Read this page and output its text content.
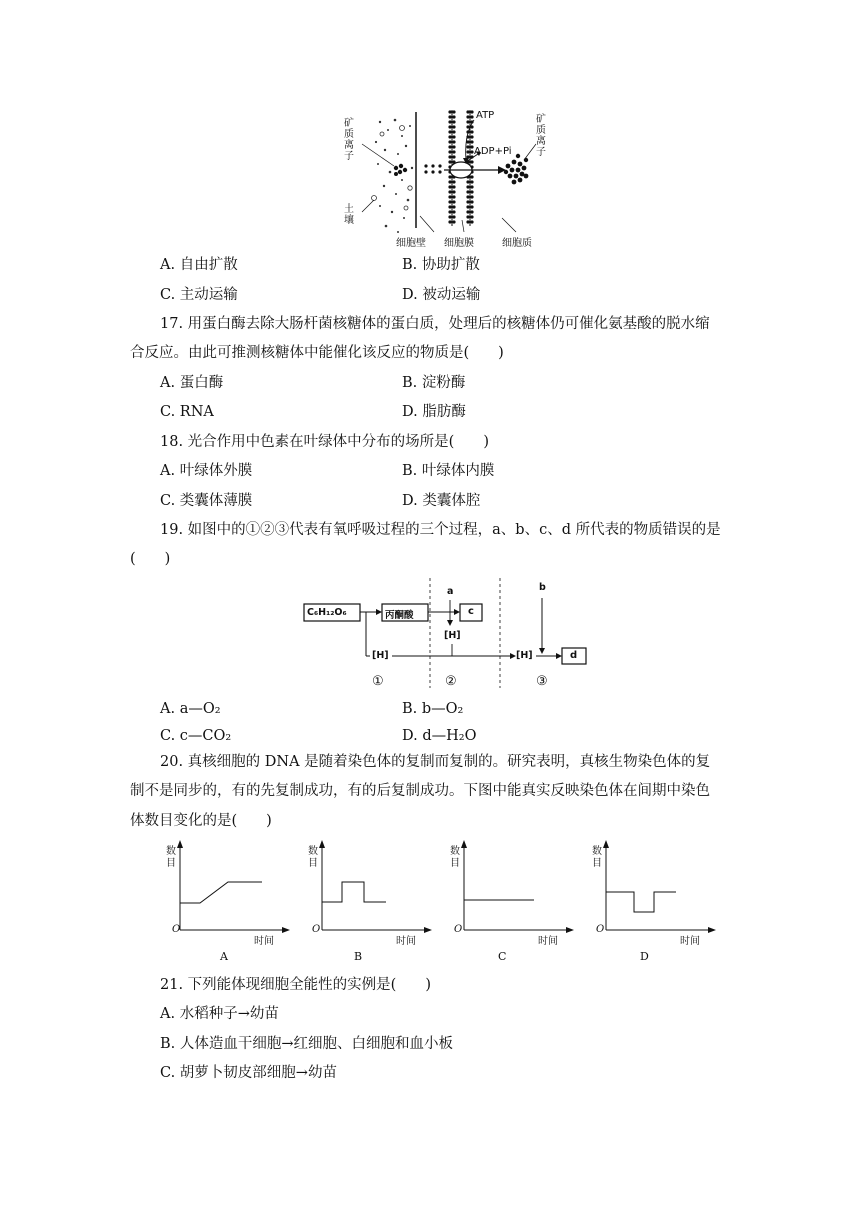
矿质离子
土壤
ATP
ADP+Pi
矿质离子
细胞壁 细胞膜	细胞质
A. 自由扩散	B. 协助扩散
C. 主动运输	D. 被动运输
17. 用蛋白酶去除大肠杆菌核糖体的蛋白质，处理后的核糖体仍可催化氨基酸的脱水缩
合反应。由此可推测核糖体中能催化该反应的物质是(　　)
A. 蛋白酶	B. 淀粉酶
C. RNA	D. 脂肪酶
18. 光合作用中色素在叶绿体中分布的场所是(　　)
A. 叶绿体外膜	B. 叶绿体内膜
C. 类囊体薄膜	D. 类囊体腔
19. 如图中的①②③代表有氧呼吸过程的三个过程，a、b、c、d 所代表的物质错误的是
(　　)
C₆H₁₂O₆	丙酮酸	c
a
[H]
[H]	[H]
b
d
①	②	③
A. a—O₂	B. b—O₂
C. c—CO₂	D. d—H₂O
20. 真核细胞的 DNA 是随着染色体的复制而复制的。研究表明，真核生物染色体的复
制不是同步的，有的先复制成功，有的后复制成功。下图中能真实反映染色体在间期中染色
体数目变化的是(　　)
数目
时间
O
A
数目
时间
O
B
数目
时间
O
C
数目
时间
O
D
21. 下列能体现细胞全能性的实例是(　　)
A. 水稻种子→幼苗
B. 人体造血干细胞→红细胞、白细胞和血小板
C. 胡萝卜韧皮部细胞→幼苗
